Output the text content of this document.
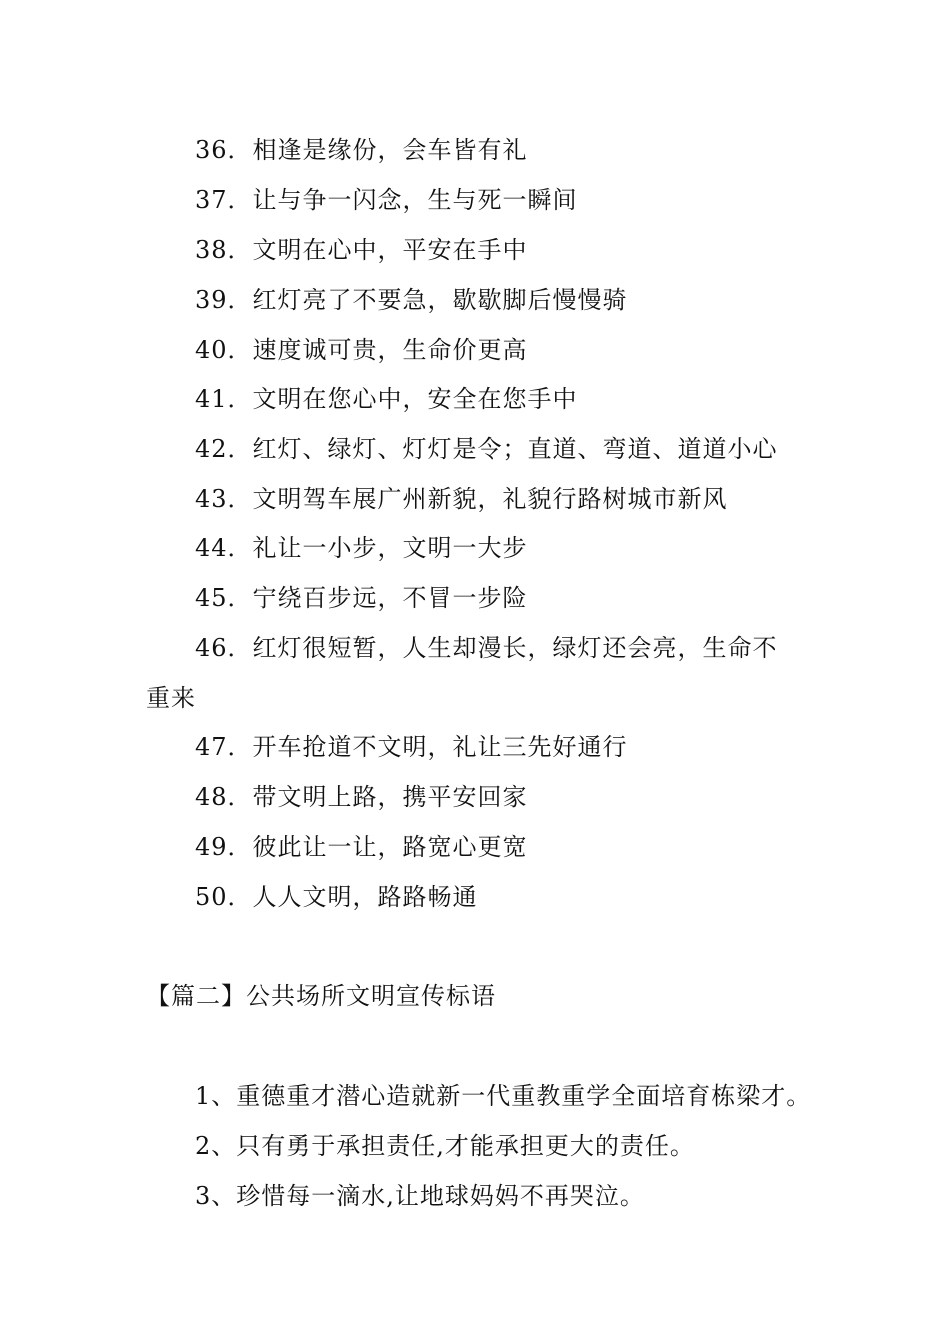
36．相逢是缘份，会车皆有礼
37．让与争一闪念，生与死一瞬间
38．文明在心中，平安在手中
39．红灯亮了不要急，歇歇脚后慢慢骑
40．速度诚可贵，生命价更高
41．文明在您心中，安全在您手中
42．红灯、绿灯、灯灯是令；直道、弯道、道道小心
43．文明驾车展广州新貌，礼貌行路树城市新风
44．礼让一小步，文明一大步
45．宁绕百步远，不冒一步险
46．红灯很短暂，人生却漫长，绿灯还会亮，生命不
重来
47．开车抢道不文明，礼让三先好通行
48．带文明上路，携平安回家
49．彼此让一让，路宽心更宽
50．人人文明，路路畅通
【篇二】公共场所文明宣传标语
1、重德重才潜心造就新一代重教重学全面培育栋梁才。
2、只有勇于承担责任,才能承担更大的责任。
3、珍惜每一滴水,让地球妈妈不再哭泣。
